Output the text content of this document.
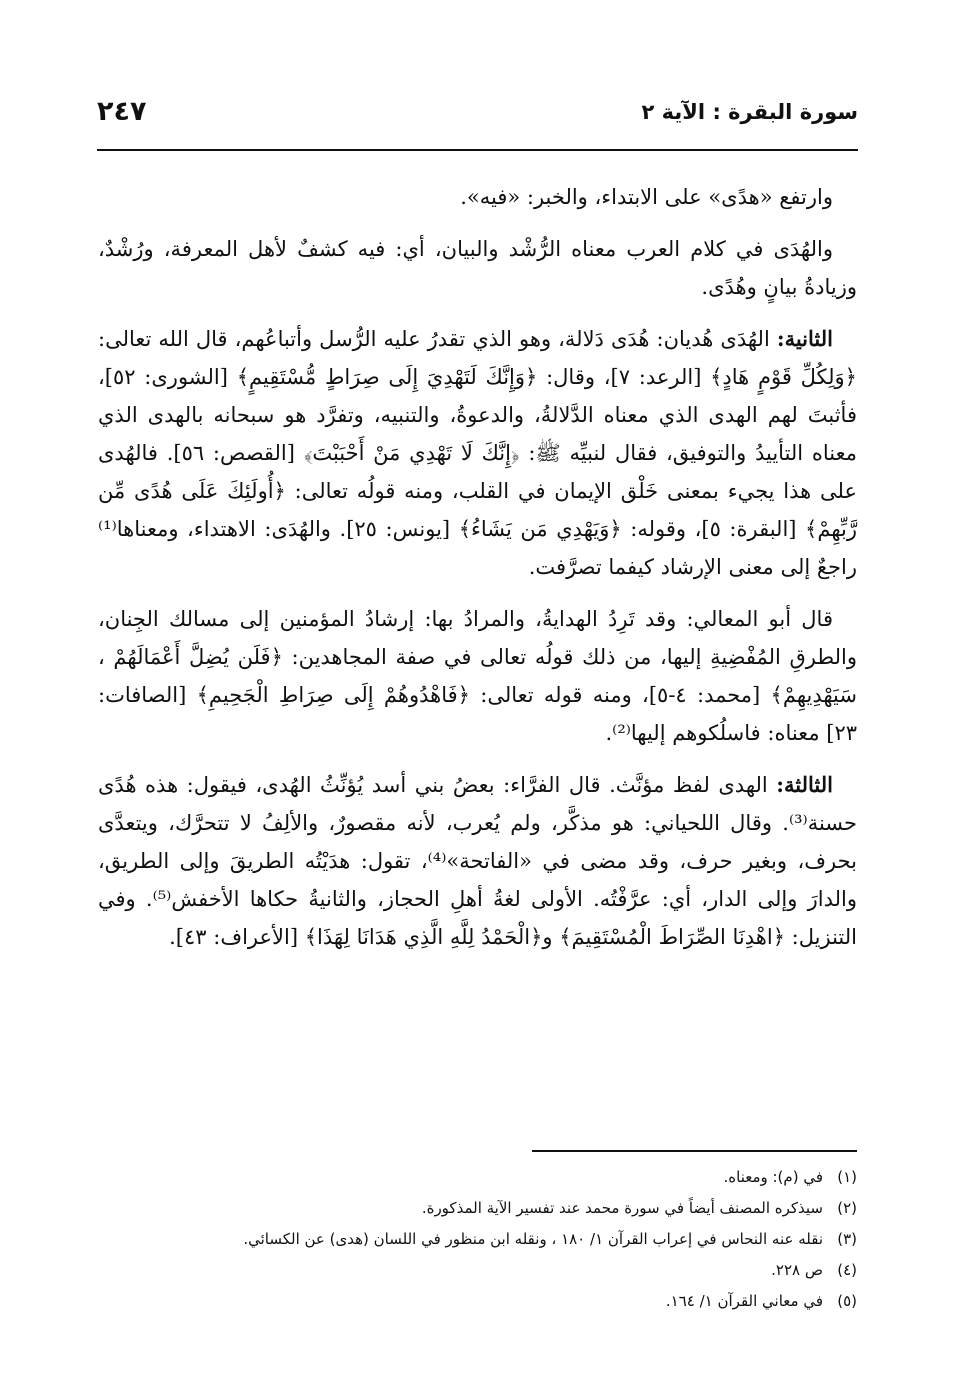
سورة البقرة : الآية ٢
٢٤٧

وارتفع «هدًى» على الابتداء، والخبر: «فيه».

والهُدَى في كلام العرب معناه الرُّشْد والبيان، أي: فيه كشفٌ لأهل المعرفة، ورُشْدٌ، وزيادةُ بيانٍ وهُدًى.

الثانية: الهُدَى هُديان: هُدَى دَلالة، وهو الذي تقدرُ عليه الرُّسل وأتباعُهم، قال الله تعالى: ﴿وَلِكُلِّ قَوْمٍ هَادٍ﴾ [الرعد: ٧]، وقال: ﴿وَإِنَّكَ لَتَهْدِيَ إِلَى صِرَاطٍ مُّسْتَقِيمٍ﴾ [الشورى: ٥٢]، فأثبتَ لهم الهدى الذي معناه الدَّلالةُ، والدعوةُ، والتنبيه، وتفرَّد هو سبحانه بالهدى الذي معناه التأييدُ والتوفيق، فقال لنبيِّه ﷺ: ﴿إِنَّكَ لَا تَهْدِي مَنْ أَحْبَبْتَ﴾ [القصص: ٥٦]. فالهُدى على هذا يجيء بمعنى خَلْق الإيمان في القلب، ومنه قولُه تعالى: ﴿أُولَئِكَ عَلَى هُدًى مِّن رَّبِّهِمْ﴾ [البقرة: ٥]، وقوله: ﴿وَيَهْدِي مَن يَشَاءُ﴾ [يونس: ٢٥]. والهُدَى: الاهتداء، ومعناها⁽¹⁾ راجعٌ إلى معنى الإرشاد كيفما تصرَّفت.

قال أبو المعالي: وقد تَرِدُ الهدايةُ، والمرادُ بها: إرشادُ المؤمنين إلى مسالك الجِنان، والطرقِ المُفْضِيةِ إليها، من ذلك قولُه تعالى في صفة المجاهدين: ﴿فَلَن يُضِلَّ أَعْمَالَهُمْ ، سَيَهْدِيهِمْ﴾ [محمد: ٤-٥]، ومنه قوله تعالى: ﴿فَاهْدُوهُمْ إِلَى صِرَاطِ الْجَحِيمِ﴾ [الصافات: ٢٣] معناه: فاسلُكوهم إليها⁽²⁾.

الثالثة: الهدى لفظ مؤنَّث. قال الفرَّاء: بعضُ بني أسد يُؤنِّثُ الهُدى، فيقول: هذه هُدًى حسنة⁽³⁾. وقال اللحياني: هو مذكَّر، ولم يُعرب، لأنه مقصورٌ، والألِفُ لا تتحرَّك، ويتعدَّى بحرف، وبغير حرف، وقد مضى في «الفاتحة»⁽⁴⁾، تقول: هدَيْتُه الطريقَ وإلى الطريق، والدارَ وإلى الدار، أي: عرَّفْتُه. الأولى لغةُ أهلِ الحجاز، والثانيةُ حكاها الأخفش⁽⁵⁾. وفي التنزيل: ﴿اهْدِنَا الصِّرَاطَ الْمُسْتَقِيمَ﴾ و﴿الْحَمْدُ لِلَّهِ الَّذِي هَدَانَا لِهَذَا﴾ [الأعراف: ٤٣].

(١)
في (م): ومعناه.
(٢)
سيذكره المصنف أيضاً في سورة محمد عند تفسير الآية المذكورة.
(٣)
نقله عنه النحاس في إعراب القرآن ١/ ١٨٠ ، ونقله ابن منظور في اللسان (هدى) عن الكسائي.
(٤)
ص ٢٢٨.
(٥)
في معاني القرآن ١/ ١٦٤.
